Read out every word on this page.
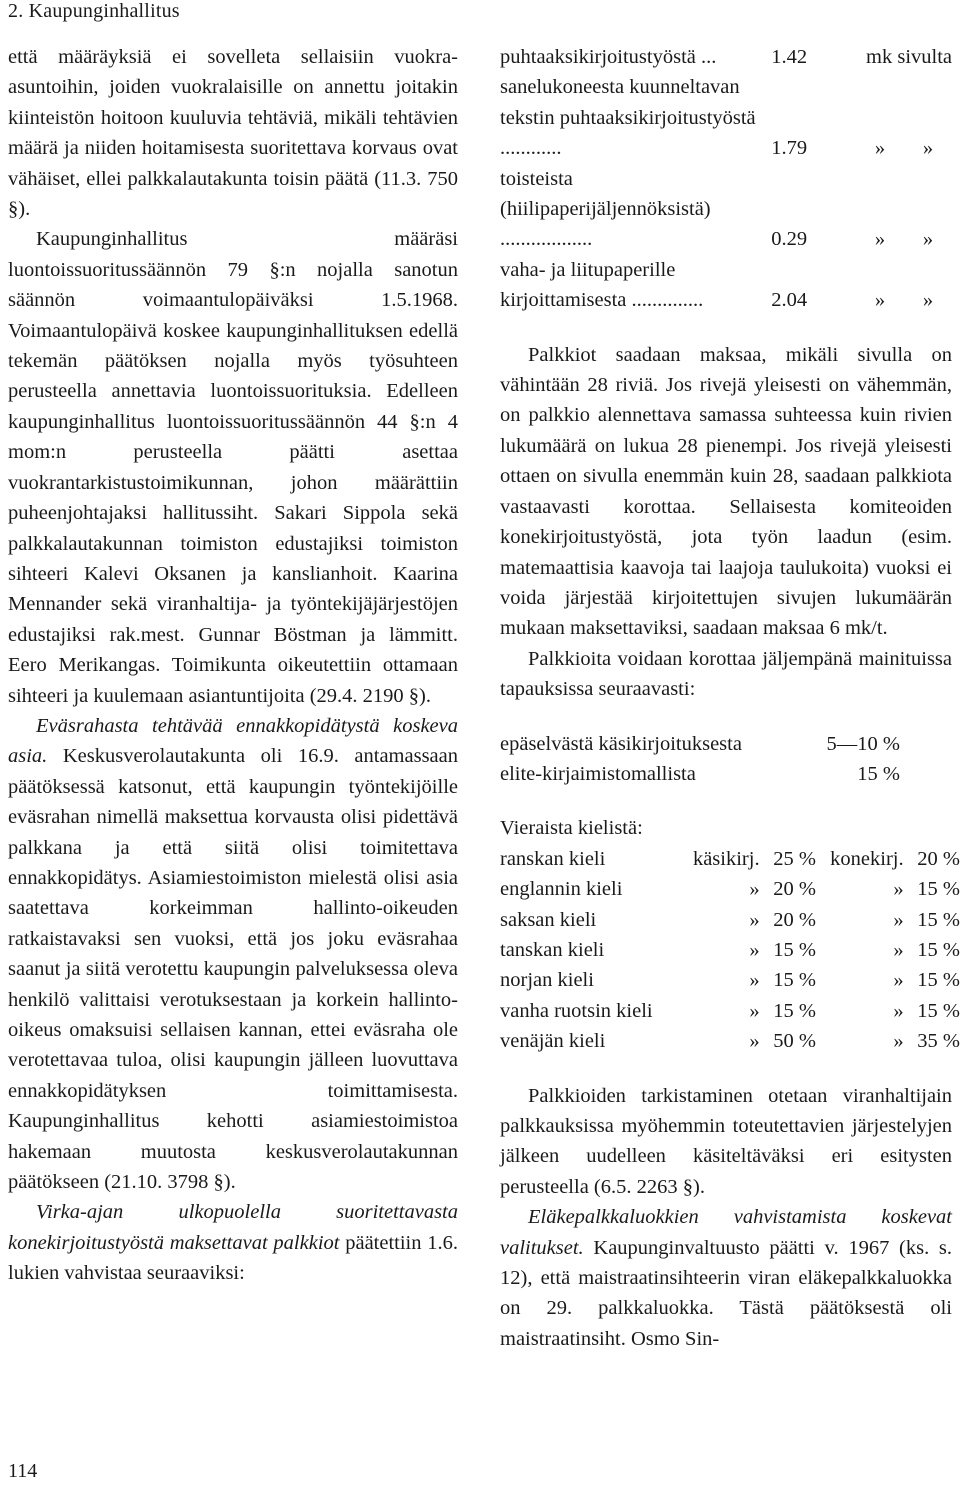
2. Kaupunginhallitus

että määräyksiä ei sovelleta sellaisiin vuokra-asuntoihin, joiden vuokralaisille on annettu joitakin kiinteistön hoitoon kuuluvia tehtäviä, mikäli tehtävien määrä ja niiden hoitamisesta suoritettava korvaus ovat vähäiset, ellei palkkalautakunta toisin päätä (11.3. 750 §).

Kaupunginhallitus määräsi luontoissuoritussäännön 79 §:n nojalla sanotun säännön voimaantulopäiväksi 1.5.1968. Voimaantulopäivä koskee kaupunginhallituksen edellä tekemän päätöksen nojalla myös työsuhteen perusteella annettavia luontoissuorituksia. Edelleen kaupunginhallitus luontoissuoritussäännön 44 §:n 4 mom:n perusteella päätti asettaa vuokrantarkistustoimikunnan, johon määrättiin puheenjohtajaksi hallitussiht. Sakari Sippola sekä palkkalautakunnan toimiston edustajiksi toimiston sihteeri Kalevi Oksanen ja kanslianhoit. Kaarina Mennander sekä viranhaltija- ja työntekijäjärjestöjen edustajiksi rak.mest. Gunnar Böstman ja lämmitt. Eero Merikangas. Toimikunta oikeutettiin ottamaan sihteeri ja kuulemaan asiantuntijoita (29.4. 2190 §).

Eväsrahasta tehtävää ennakkopidätystä koskeva asia. Keskusverolautakunta oli 16.9. antamassaan päätöksessä katsonut, että kaupungin työntekijöille eväsrahan nimellä maksettua korvausta olisi pidettävä palkkana ja että siitä olisi toimitettava ennakkopidätys. Asiamiestoimiston mielestä olisi asia saatettava korkeimman hallinto-oikeuden ratkaistavaksi sen vuoksi, että jos joku eväsrahaa saanut ja siitä verotettu kaupungin palveluksessa oleva henkilö valittaisi verotuksestaan ja korkein hallinto-oikeus omaksuisi sellaisen kannan, ettei eväsraha ole verotettavaa tuloa, olisi kaupungin jälleen luovuttava ennakkopidätyksen toimittamisesta. Kaupunginhallitus kehotti asiamiestoimistoa hakemaan muutosta keskusverolautakunnan päätökseen (21.10. 3798 §).

Virka-ajan ulkopuolella suoritettavasta konekirjoitustyöstä maksettavat palkkiot päätettiin 1.6. lukien vahvistaa seuraaviksi:

puhtaaksikirjoitustyöstä ...	1.42	mk sivulta
sanelukoneesta kuunneltavan tekstin puhtaaksikirjoitustyöstä ............	1.79	» »
toisteista (hiilipaperijäljennöksistä) ..................	0.29	» »
vaha- ja liitupaperille kirjoittamisesta ..............	2.04	» »

Palkkiot saadaan maksaa, mikäli sivulla on vähintään 28 riviä. Jos rivejä yleisesti on vähemmän, on palkkio alennettava samassa suhteessa kuin rivien lukumäärä on lukua 28 pienempi. Jos rivejä yleisesti ottaen on sivulla enemmän kuin 28, saadaan palkkiota vastaavasti korottaa. Sellaisesta komiteoiden konekirjoitustyöstä, jota työn laadun (esim. matemaattisia kaavoja tai laajoja taulukoita) vuoksi ei voida järjestää kirjoitettujen sivujen lukumäärän mukaan maksettaviksi, saadaan maksaa 6 mk/t.

Palkkioita voidaan korottaa jäljempänä mainituissa tapauksissa seuraavasti:

epäselvästä käsikirjoituksesta	5—10 %
elite-kirjaimistomallista	15 %
Vieraista kielistä:
ranskan kieli	käsikirj.	25 %	konekirj.	20 %
englannin kieli	»	20 %	»	15 %
saksan kieli	»	20 %	»	15 %
tanskan kieli	»	15 %	»	15 %
norjan kieli	»	15 %	»	15 %
vanha ruotsin kieli	»	15 %	»	15 %
venäjän kieli	»	50 %	»	35 %

Palkkioiden tarkistaminen otetaan viranhaltijain palkkauksissa myöhemmin toteutettavien järjestelyjen jälkeen uudelleen käsiteltäväksi eri esitysten perusteella (6.5. 2263 §).

Eläkepalkkaluokkien vahvistamista koskevat valitukset. Kaupunginvaltuusto päätti v. 1967 (ks. s. 12), että maistraatinsihteerin viran eläkepalkkaluokka on 29. palkkaluokka. Tästä päätöksestä oli maistraatinsiht. Osmo Sin-

114
